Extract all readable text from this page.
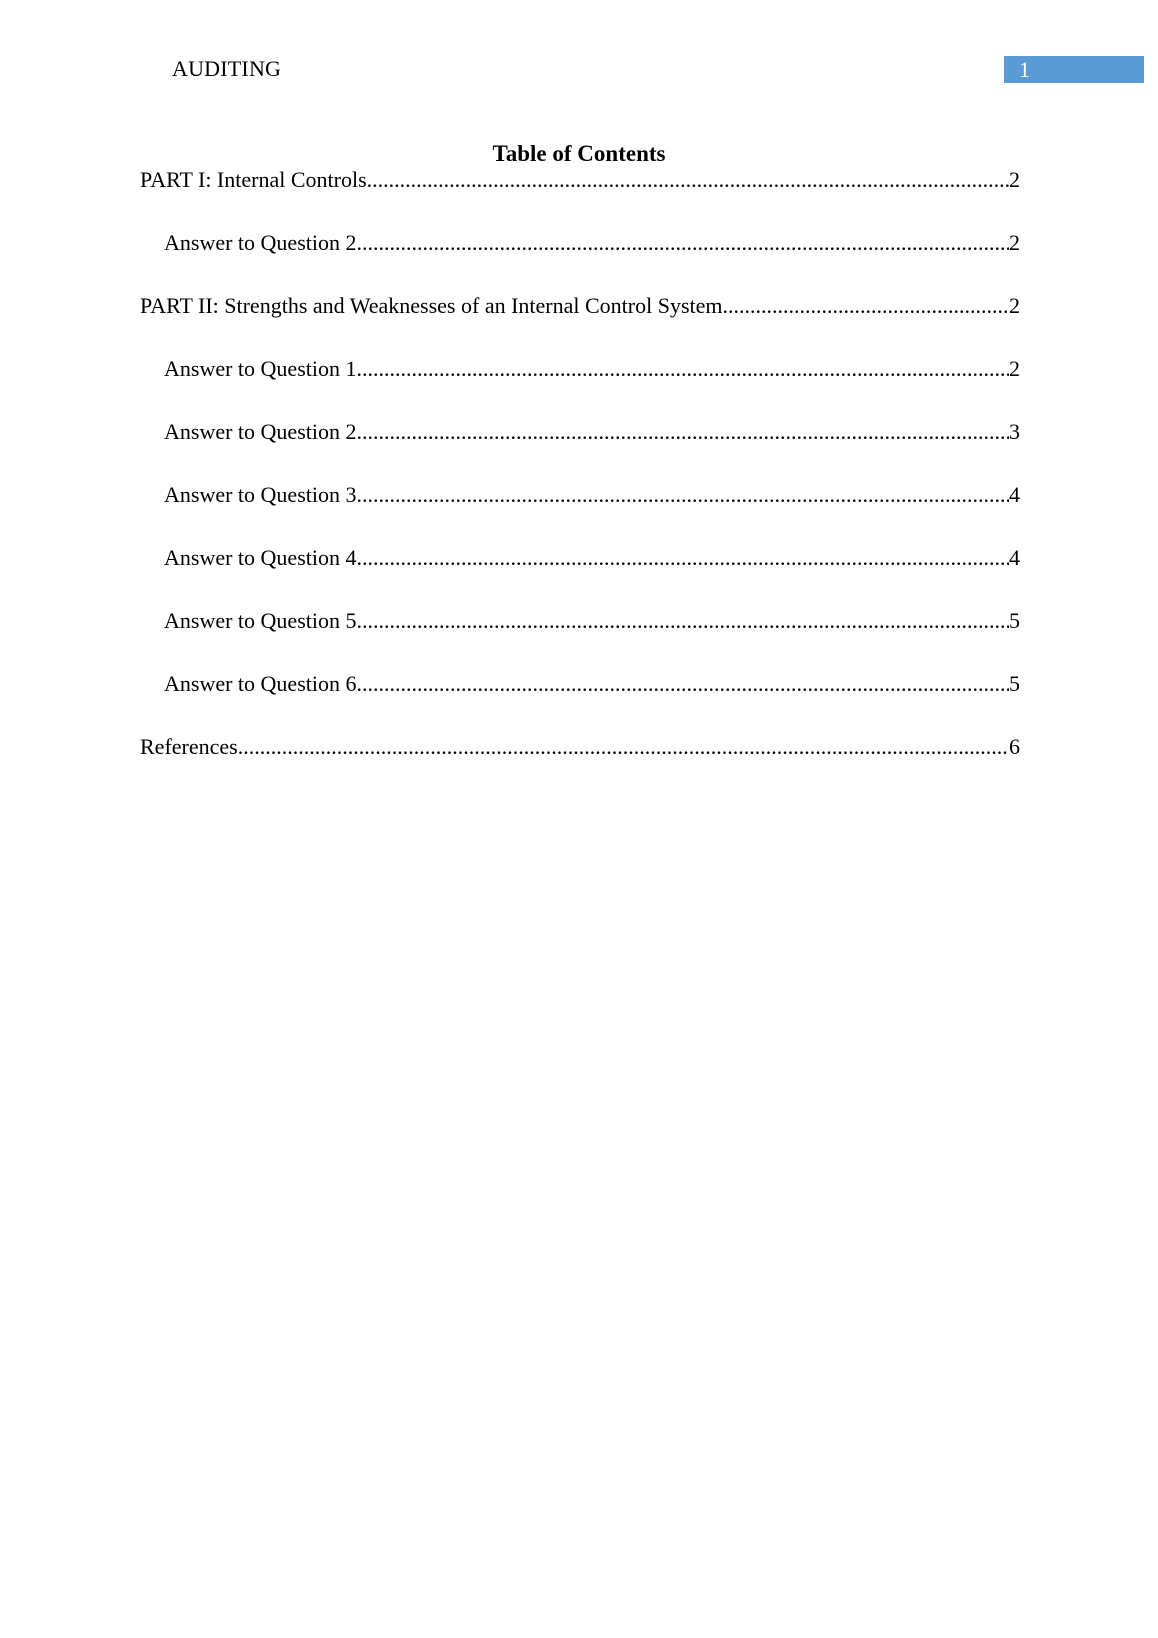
AUDITING	1
Table of Contents
PART I: Internal Controls .....	2
Answer to Question 2 .....	2
PART II: Strengths and Weaknesses of an Internal Control System .....	2
Answer to Question 1 .....	2
Answer to Question 2 .....	3
Answer to Question 3 .....	4
Answer to Question 4 .....	4
Answer to Question 5 .....	5
Answer to Question 6 .....	5
References .....	6
